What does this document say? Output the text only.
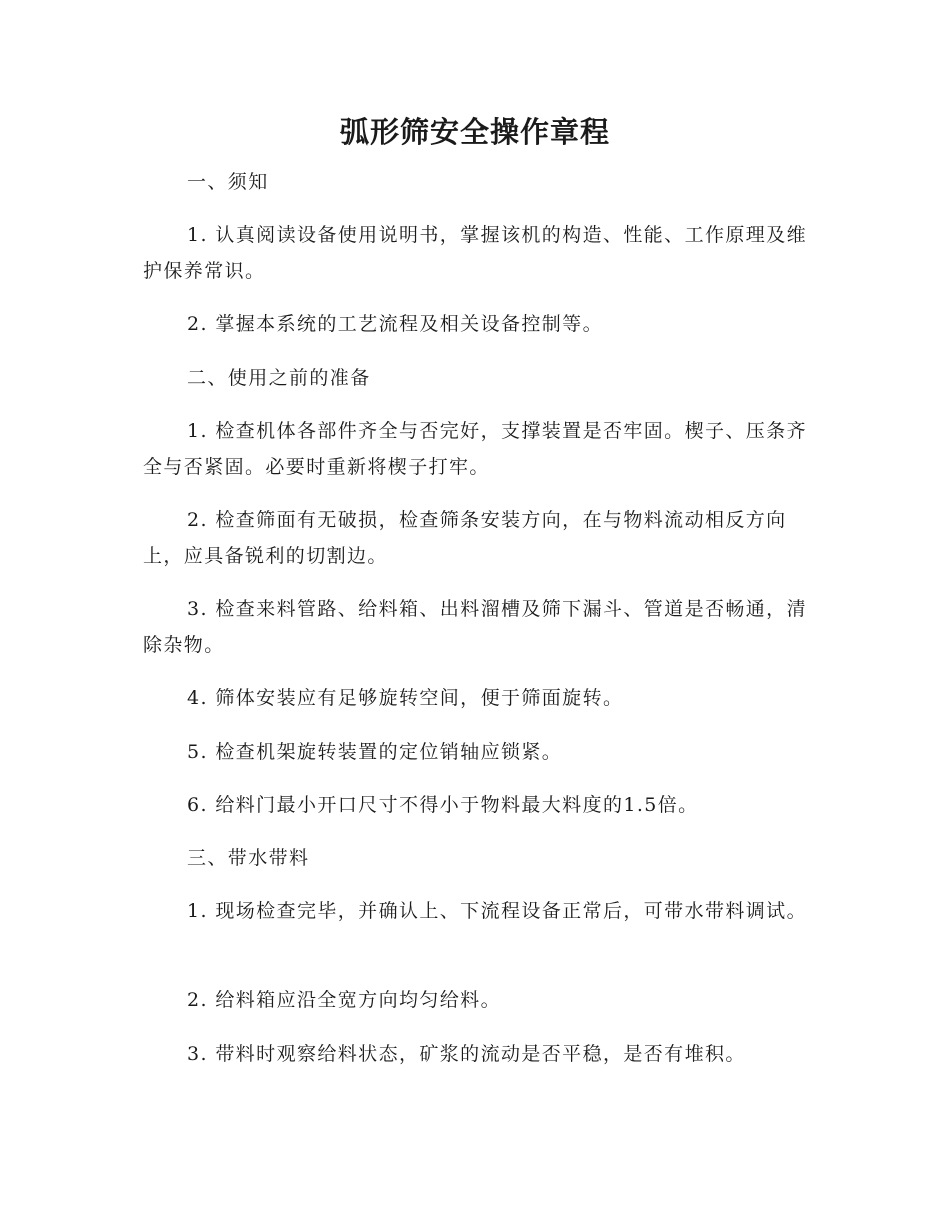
弧形筛安全操作章程

一、须知

1. 认真阅读设备使用说明书，掌握该机的构造、性能、工作原理及维护保养常识。

2. 掌握本系统的工艺流程及相关设备控制等。

二、使用之前的准备

1. 检查机体各部件齐全与否完好，支撑装置是否牢固。楔子、压条齐全与否紧固。必要时重新将楔子打牢。

2. 检查筛面有无破损，检查筛条安装方向，在与物料流动相反方向上，应具备锐利的切割边。

3. 检查来料管路、给料箱、出料溜槽及筛下漏斗、管道是否畅通，清除杂物。

4. 筛体安装应有足够旋转空间，便于筛面旋转。

5. 检查机架旋转装置的定位销轴应锁紧。

6. 给料门最小开口尺寸不得小于物料最大料度的1.5倍。

三、带水带料

1. 现场检查完毕，并确认上、下流程设备正常后，可带水带料调试。

2. 给料箱应沿全宽方向均匀给料。

3. 带料时观察给料状态，矿浆的流动是否平稳，是否有堆积。
